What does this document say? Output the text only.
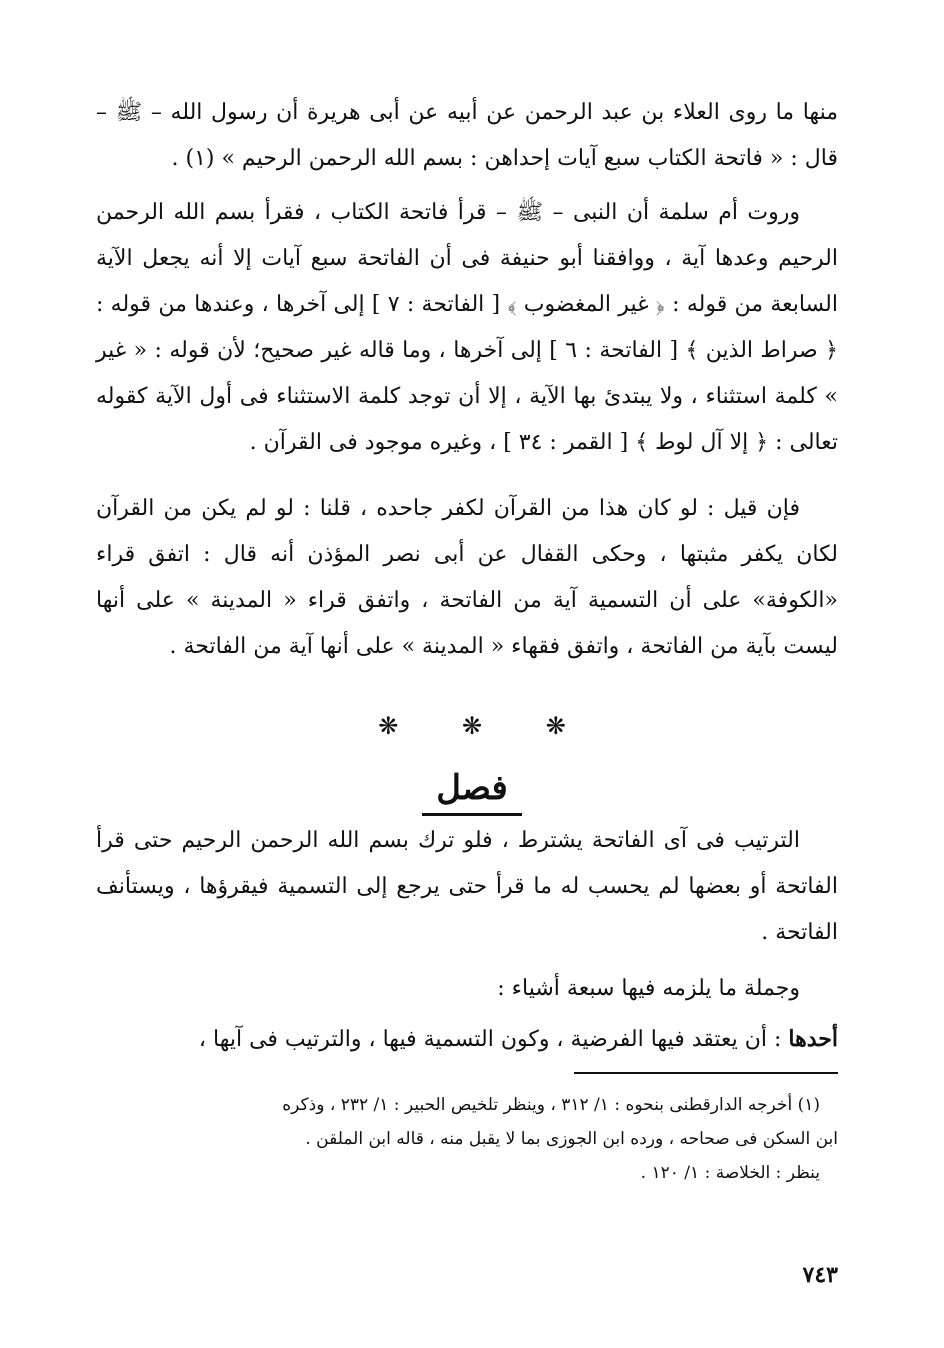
منها ما روى العلاء بن عبد الرحمن عن أبيه عن أبى هريرة أن رسول الله – ﷺ – قال : « فاتحة الكتاب سبع آيات إحداهن : بسم الله الرحمن الرحيم » (١) .

وروت أم سلمة أن النبى – ﷺ – قرأ فاتحة الكتاب ، فقرأ بسم الله الرحمن الرحيم وعدها آية ، ووافقنا أبو حنيفة فى أن الفاتحة سبع آيات إلا أنه يجعل الآية السابعة من قوله : ﴿ غير المغضوب ﴾ [ الفاتحة : ٧ ] إلى آخرها ، وعندها من قوله : ﴿ صراط الذين ﴾ [ الفاتحة : ٦ ] إلى آخرها ، وما قاله غير صحيح؛ لأن قوله : « غير » كلمة استثناء ، ولا يبتدئ بها الآية ، إلا أن توجد كلمة الاستثناء فى أول الآية كقوله تعالى : ﴿ إلا آل لوط ﴾ [ القمر : ٣٤ ] ، وغيره موجود فى القرآن .

فإن قيل : لو كان هذا من القرآن لكفر جاحده ، قلنا : لو لم يكن من القرآن لكان يكفر مثبتها ، وحكى القفال عن أبى نصر المؤذن أنه قال : اتفق قراء «الكوفة» على أن التسمية آية من الفاتحة ، واتفق قراء « المدينة » على أنها ليست بآية من الفاتحة ، واتفق فقهاء « المدينة » على أنها آية من الفاتحة .

❋	❋	❋
فصل

الترتيب فى آى الفاتحة يشترط ، فلو ترك بسم الله الرحمن الرحيم حتى قرأ الفاتحة أو بعضها لم يحسب له ما قرأ حتى يرجع إلى التسمية فيقرؤها ، ويستأنف الفاتحة .

وجملة ما يلزمه فيها سبعة أشياء :

أحدها : أن يعتقد فيها الفرضية ، وكون التسمية فيها ، والترتيب فى آيها ،

(١) أخرجه الدارقطنى بنحوه : ١/ ٣١٢ ، وينظر تلخيص الحبير : ١/ ٢٣٢ ، وذكره

ابن السكن فى صحاحه ، ورده ابن الجوزى بما لا يقبل منه ، قاله ابن الملقن .

ينظر : الخلاصة : ١/ ١٢٠ .

٧٤٣
